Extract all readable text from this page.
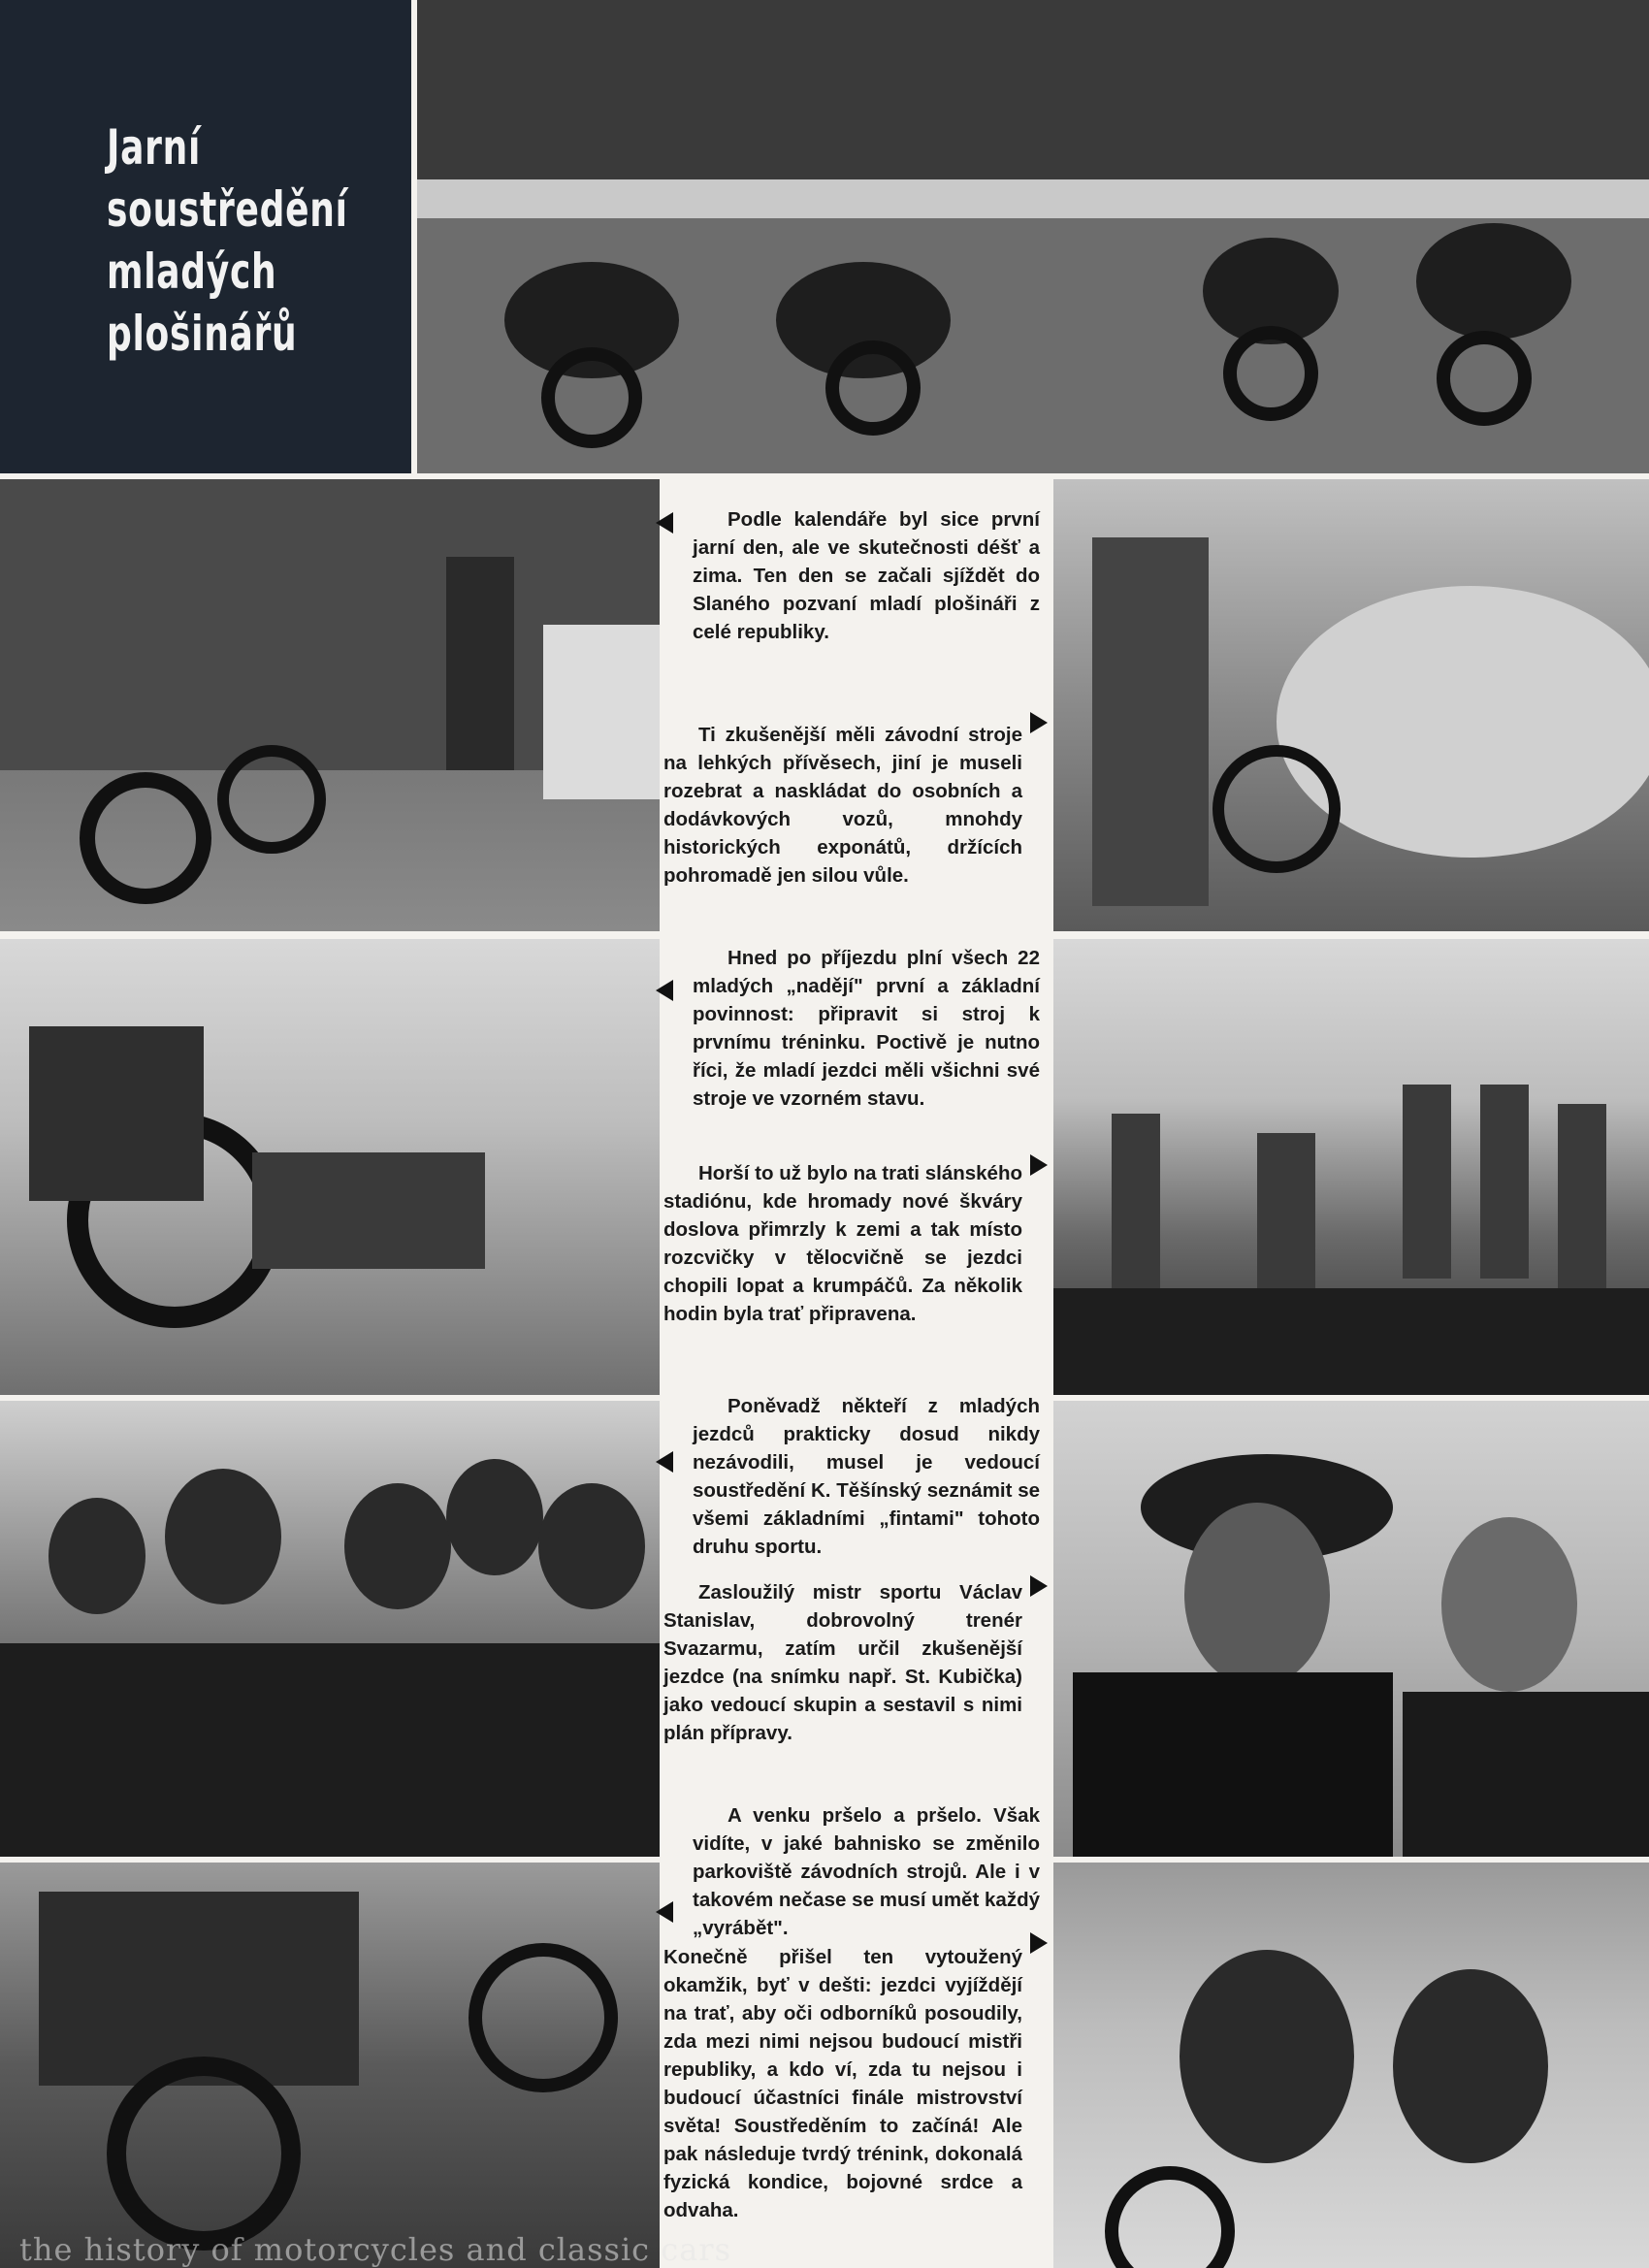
Jarní
soustředění
mladých
plošinářů

Podle kalendáře byl sice první jarní den, ale ve skutečnosti déšť a zima. Ten den se začali sjíždět do Slaného pozvaní mladí plošináři z celé republiky.

Ti zkušenější měli závodní stroje na lehkých přívěsech, jiní je museli rozebrat a naskládat do osobních a dodávkových vozů, mnohdy historických exponátů, držících pohromadě jen silou vůle.

Hned po příjezdu plní všech 22 mladých „nadějí" první a základní povinnost: připravit si stroj k prvnímu tréninku. Poctivě je nutno říci, že mladí jezdci měli všichni své stroje ve vzorném stavu.

Horší to už bylo na trati slánského stadiónu, kde hromady nové škváry doslova přimrzly k zemi a tak místo rozcvičky v tělocvičně se jezdci chopili lopat a krumpáčů. Za několik hodin byla trať připravena.

Poněvadž někteří z mladých jezdců prakticky dosud nikdy nezávodili, musel je vedoucí soustředění K. Těšínský seznámit se všemi základními „fintami" tohoto druhu sportu.

Zasloužilý mistr sportu Václav Stanislav, dobrovolný trenér Svazarmu, zatím určil zkušenější jezdce (na snímku např. St. Kubička) jako vedoucí skupin a sestavil s nimi plán přípravy.

A venku pršelo a pršelo. Však vidíte, v jaké bahnisko se změnilo parkoviště závodních strojů. Ale i v takovém nečase se musí umět každý „vyrábět".

Konečně přišel ten vytoužený okamžik, byť v dešti: jezdci vyjíždějí na trať, aby oči odborníků posoudily, zda mezi nimi nejsou budoucí mistři republiky, a kdo ví, zda tu nejsou i budoucí účastníci finále mistrovství světa! Soustředěním to začíná! Ale pak následuje tvrdý trénink, dokonalá fyzická kondice, bojovné srdce a odvaha.

the history of motorcycles and classic cars
